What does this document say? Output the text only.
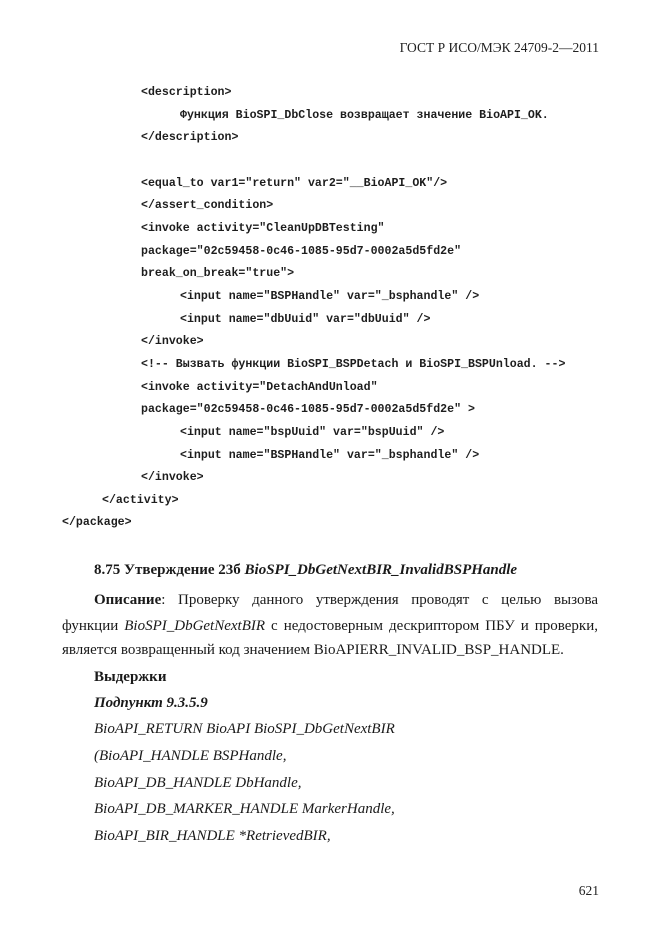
ГОСТ Р ИСО/МЭК 24709-2—2011
<description>
Функция BioSPI_DbClose возвращает значение BioAPI_OK.
</description>
<equal_to var1="return" var2="__BioAPI_OK"/>
</assert_condition>
<invoke activity="CleanUpDBTesting"
package="02c59458-0c46-1085-95d7-0002a5d5fd2e"
break_on_break="true">
<input name="BSPHandle" var="_bsphandle" />
<input name="dbUuid" var="dbUuid" />
</invoke>
<!-- Вызвать функции BioSPI_BSPDetach и BioSPI_BSPUnload. -->
<invoke activity="DetachAndUnload"
package="02c59458-0c46-1085-95d7-0002a5d5fd2e" >
<input name="bspUuid" var="bspUuid" />
<input name="BSPHandle" var="_bsphandle" />
</invoke>
</activity>
</package>
8.75 Утверждение 23б BioSPI_DbGetNextBIR_InvalidBSPHandle
Описание: Проверку данного утверждения проводят с целью вызова
функции BioSPI_DbGetNextBIR с недостоверным дескриптором ПБУ и проверки,
является возвращенный код значением BioAPIERR_INVALID_BSP_HANDLE.
Выдержки
Подпункт 9.3.5.9
BioAPI_RETURN BioAPI BioSPI_DbGetNextBIR
(BioAPI_HANDLE BSPHandle,
BioAPI_DB_HANDLE DbHandle,
BioAPI_DB_MARKER_HANDLE MarkerHandle,
BioAPI_BIR_HANDLE *RetrievedBIR,
621
